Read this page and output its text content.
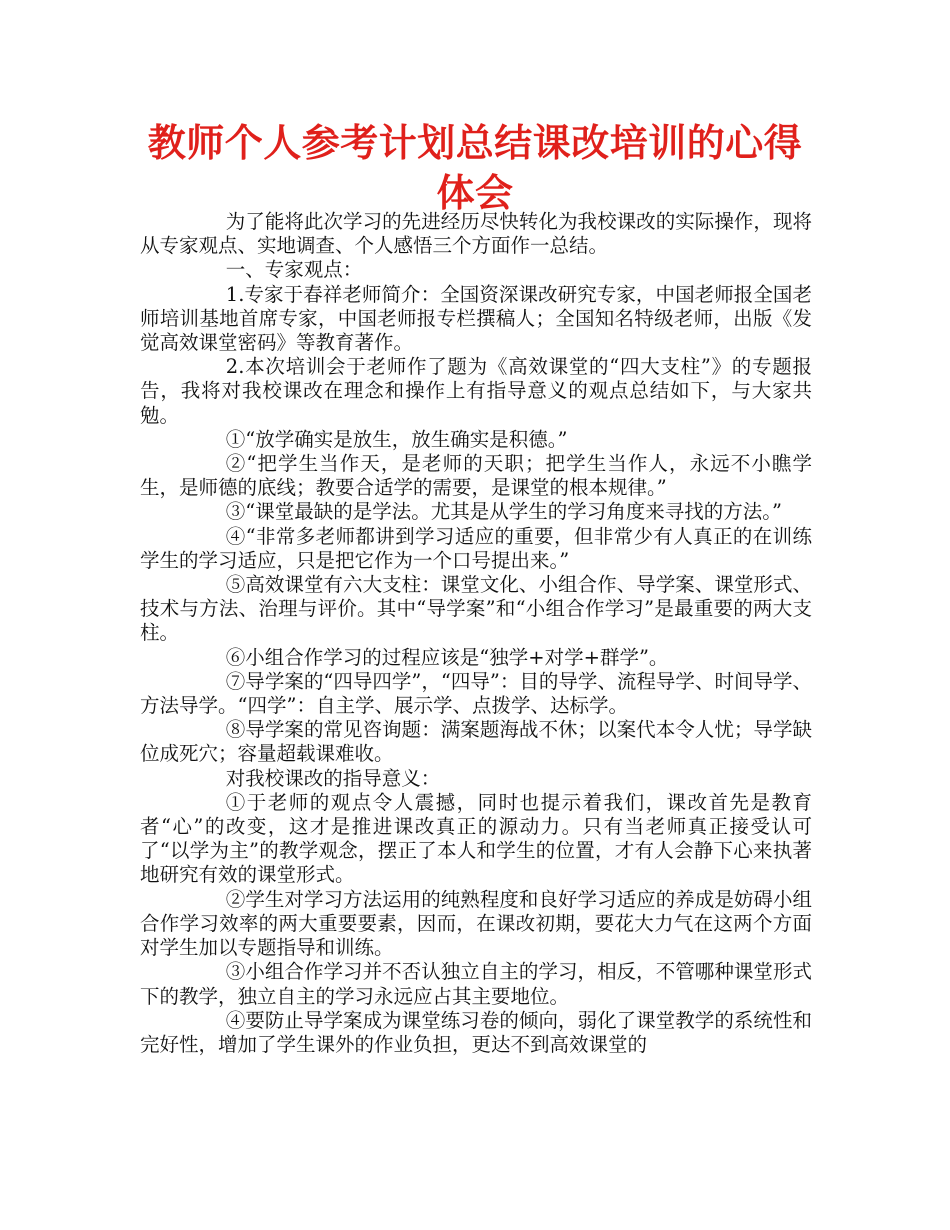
教师个人参考计划总结课改培训的心得体会

为了能将此次学习的先进经历尽快转化为我校课改的实际操作，现将从专家观点、实地调查、个人感悟三个方面作一总结。

一、专家观点：

1.专家于春祥老师简介：全国资深课改研究专家，中国老师报全国老师培训基地首席专家，中国老师报专栏撰稿人；全国知名特级老师，出版《发觉高效课堂密码》等教育著作。

2.本次培训会于老师作了题为《高效课堂的“四大支柱”》的专题报告，我将对我校课改在理念和操作上有指导意义的观点总结如下，与大家共勉。

①“放学确实是放生，放生确实是积德。”

②“把学生当作天，是老师的天职；把学生当作人，永远不小瞧学生，是师德的底线；教要合适学的需要，是课堂的根本规律。”

③“课堂最缺的是学法。尤其是从学生的学习角度来寻找的方法。”

④“非常多老师都讲到学习适应的重要，但非常少有人真正的在训练学生的学习适应，只是把它作为一个口号提出来。”

⑤高效课堂有六大支柱：课堂文化、小组合作、导学案、课堂形式、技术与方法、治理与评价。其中“导学案”和“小组合作学习”是最重要的两大支柱。

⑥小组合作学习的过程应该是“独学+对学+群学”。

⑦导学案的“四导四学”，“四导”：目的导学、流程导学、时间导学、方法导学。“四学”：自主学、展示学、点拨学、达标学。

⑧导学案的常见咨询题：满案题海战不休；以案代本令人忧；导学缺位成死穴；容量超载课难收。

对我校课改的指导意义：

①于老师的观点令人震撼，同时也提示着我们，课改首先是教育者“心”的改变，这才是推进课改真正的源动力。只有当老师真正接受认可了“以学为主”的教学观念，摆正了本人和学生的位置，才有人会静下心来执著地研究有效的课堂形式。

②学生对学习方法运用的纯熟程度和良好学习适应的养成是妨碍小组合作学习效率的两大重要要素，因而，在课改初期，要花大力气在这两个方面对学生加以专题指导和训练。

③小组合作学习并不否认独立自主的学习，相反，不管哪种课堂形式下的教学，独立自主的学习永远应占其主要地位。

④要防止导学案成为课堂练习卷的倾向，弱化了课堂教学的系统性和完好性，增加了学生课外的作业负担，更达不到高效课堂的
